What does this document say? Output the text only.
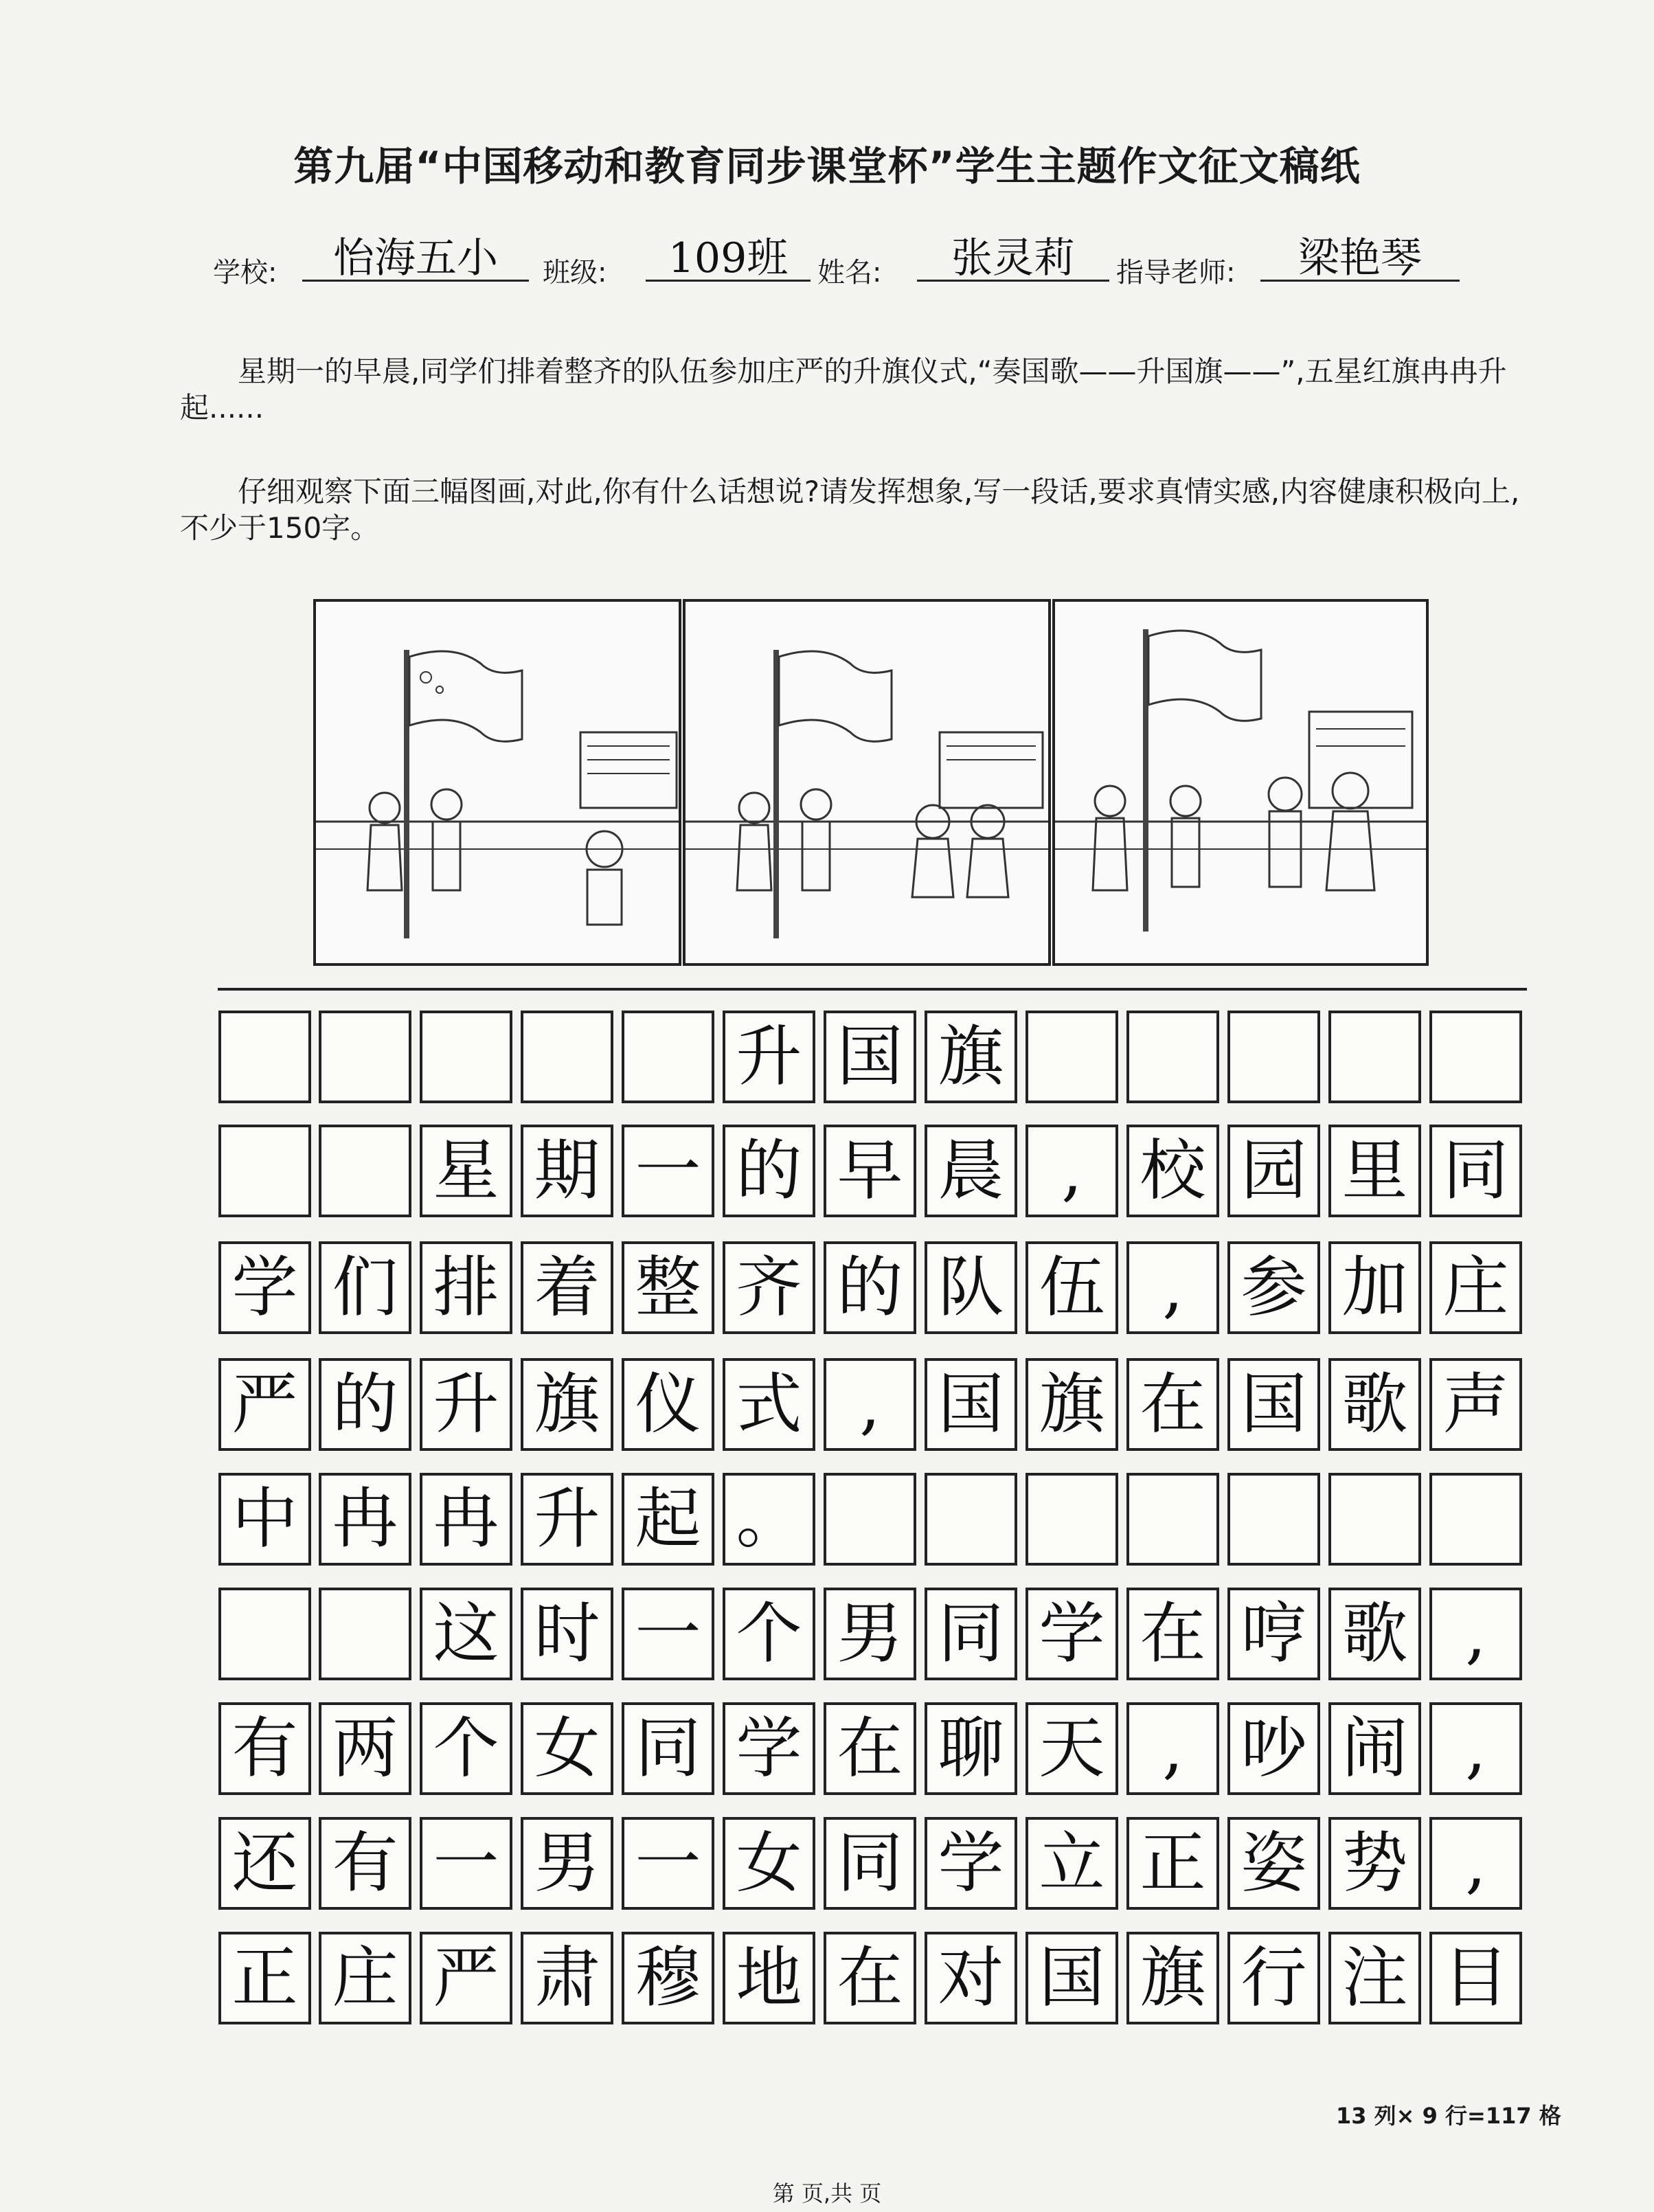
第九届“中国移动和教育同步课堂杯”学生主题作文征文稿纸
学校:	怡海五小	班级:	109班	姓名:	张灵莉	指导老师:	梁艳琴
星期一的早晨,同学们排着整齐的队伍参加庄严的升旗仪式,“奏国歌——升国旗——”,五星红旗冉冉升起......
仔细观察下面三幅图画,对此,你有什么话想说?请发挥想象,写一段话,要求真情实感,内容健康积极向上,不少于150字。
升 国 旗
星 期 一 的 早 晨 , 校 园 里 同
学 们 排 着 整 齐 的 队 伍 , 参 加 庄
严 的 升 旗 仪 式 , 国 旗 在 国 歌 声
中 冉 冉 升 起 。
这 时 一 个 男 同 学 在 哼 歌 ,
有 两 个 女 同 学 在 聊 天 , 吵 闹 ,
还 有 一 男 一 女 同 学 立 正 姿 势 ,
正 庄 严 肃 穆 地 在 对 国 旗 行 注 目
13 列× 9 行=117 格
第 页,共 页
